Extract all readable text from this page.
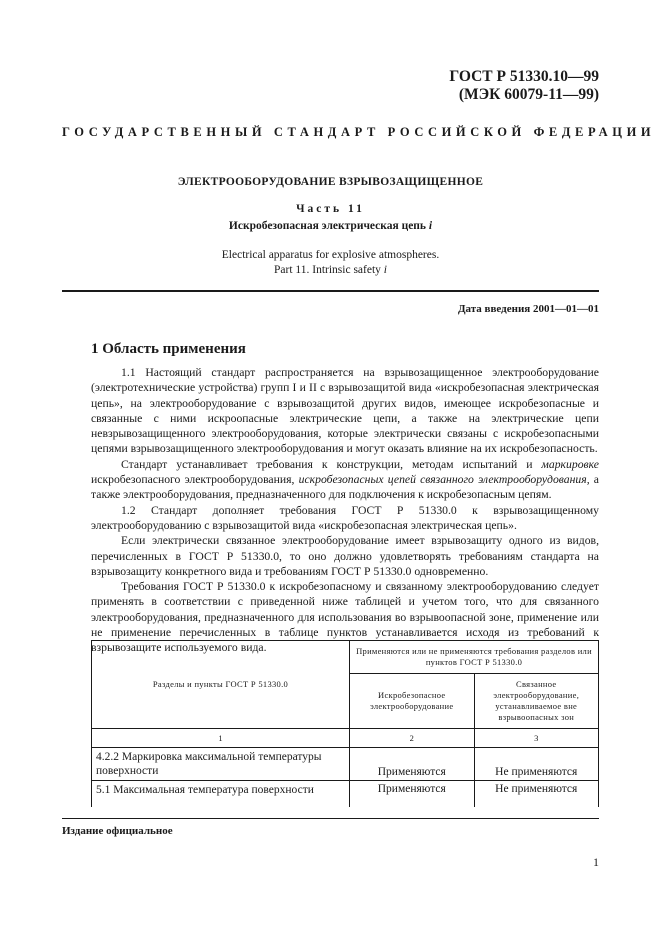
ГОСТ Р 51330.10—99
(МЭК 60079-11—99)
ГОСУДАРСТВЕННЫЙ СТАНДАРТ РОССИЙСКОЙ ФЕДЕРАЦИИ
ЭЛЕКТРООБОРУДОВАНИЕ ВЗРЫВОЗАЩИЩЕННОЕ
Часть 11
Искробезопасная электрическая цепь i
Electrical apparatus for explosive atmospheres.
Part 11. Intrinsic safety i
Дата введения 2001—01—01
1 Область применения

1.1 Настоящий стандарт распространяется на взрывозащищенное электрооборудование (электротехнические устройства) групп I и II с взрывозащитой вида «искробезопасная электрическая цепь», на электрооборудование с взрывозащитой других видов, имеющее искробезопасные и связанные с ними искроопасные электрические цепи, а также на электрические цепи невзрывозащищенного электрооборудования, которые электрически связаны с искробезопасными цепями взрывозащищенного электрооборудования и могут оказать влияние на их искробезопасность.

Стандарт устанавливает требования к конструкции, методам испытаний и маркировке искробезопасного электрооборудования, искробезопасных цепей связанного электрооборудования, а также электрооборудования, предназначенного для подключения к искробезопасным цепям.

1.2 Стандарт дополняет требования ГОСТ Р 51330.0 к взрывозащищенному электрооборудованию с взрывозащитой вида «искробезопасная электрическая цепь».

Если электрически связанное электрооборудование имеет взрывозащиту одного из видов, перечисленных в ГОСТ Р 51330.0, то оно должно удовлетворять требованиям стандарта на взрывозащиту конкретного вида и требованиям ГОСТ Р 51330.0 одновременно.

Требования ГОСТ Р 51330.0 к искробезопасному и связанному электрооборудованию следует применять в соответствии с приведенной ниже таблицей и учетом того, что для связанного электрооборудования, предназначенного для использования во взрывоопасной зоне, применение или не применение перечисленных в таблице пунктов устанавливается исходя из требований к взрывозащите используемого вида.

Разделы и пункты ГОСТ Р 51330.0	Применяются или не применяются требования разделов или пунктов ГОСТ Р 51330.0	
	Искробезопасное электрооборудование	Связанное электрооборудование, устанавливаемое вне взрывоопасных зон
1	2	3
4.2.2 Маркировка максимальной температуры поверхности	Применяются	Не применяются
5.1 Максимальная температура поверхности	Применяются	Не применяются
Издание официальное
1
